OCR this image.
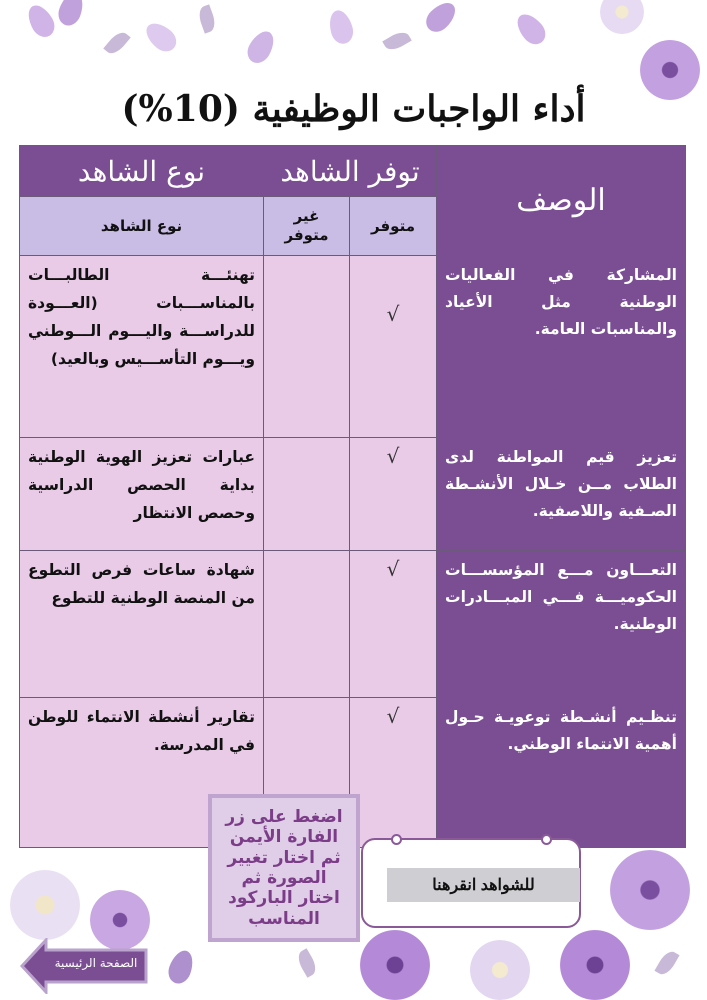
أداء الواجبات الوظيفية (10%)
الوصف	توفر الشاهد		نوع الشاهد
	متوفر	غير متوفر	نوع الشاهد
المشاركة في الفعاليات الوطنية مثل الأعياد والمناسبات العامة.	√		تهنئـــة الطالبـــات بالمناســـبات (العـــودة للدراســـة واليـــوم الـــوطني ويـــوم التأســـيس وبالعيد)
تعزيز قيم المواطنة لدى الطلاب مــن خـلال الأنشـطة الصـفية واللاصفية.	√		عبارات تعزيز الهوية الوطنية بداية الحصص الدراسية وحصص الانتظار
التعـــاون مـــع المؤسســـات الحكوميـــة فـــي المبـــادرات الوطنية.	√		شهادة ساعات فرص التطوع من المنصة الوطنية للتطوع
تنظـيم أنشـطة توعويـة حـول أهمية الانتماء الوطني.	√		تقارير أنشطة الانتماء للوطن في المدرسة.
اضغط على زر الفارة الأيمن ثم اختار تغيير الصورة ثم اختار الباركود المناسب
للشواهد انقرهنا
الصفحة الرئيسية
